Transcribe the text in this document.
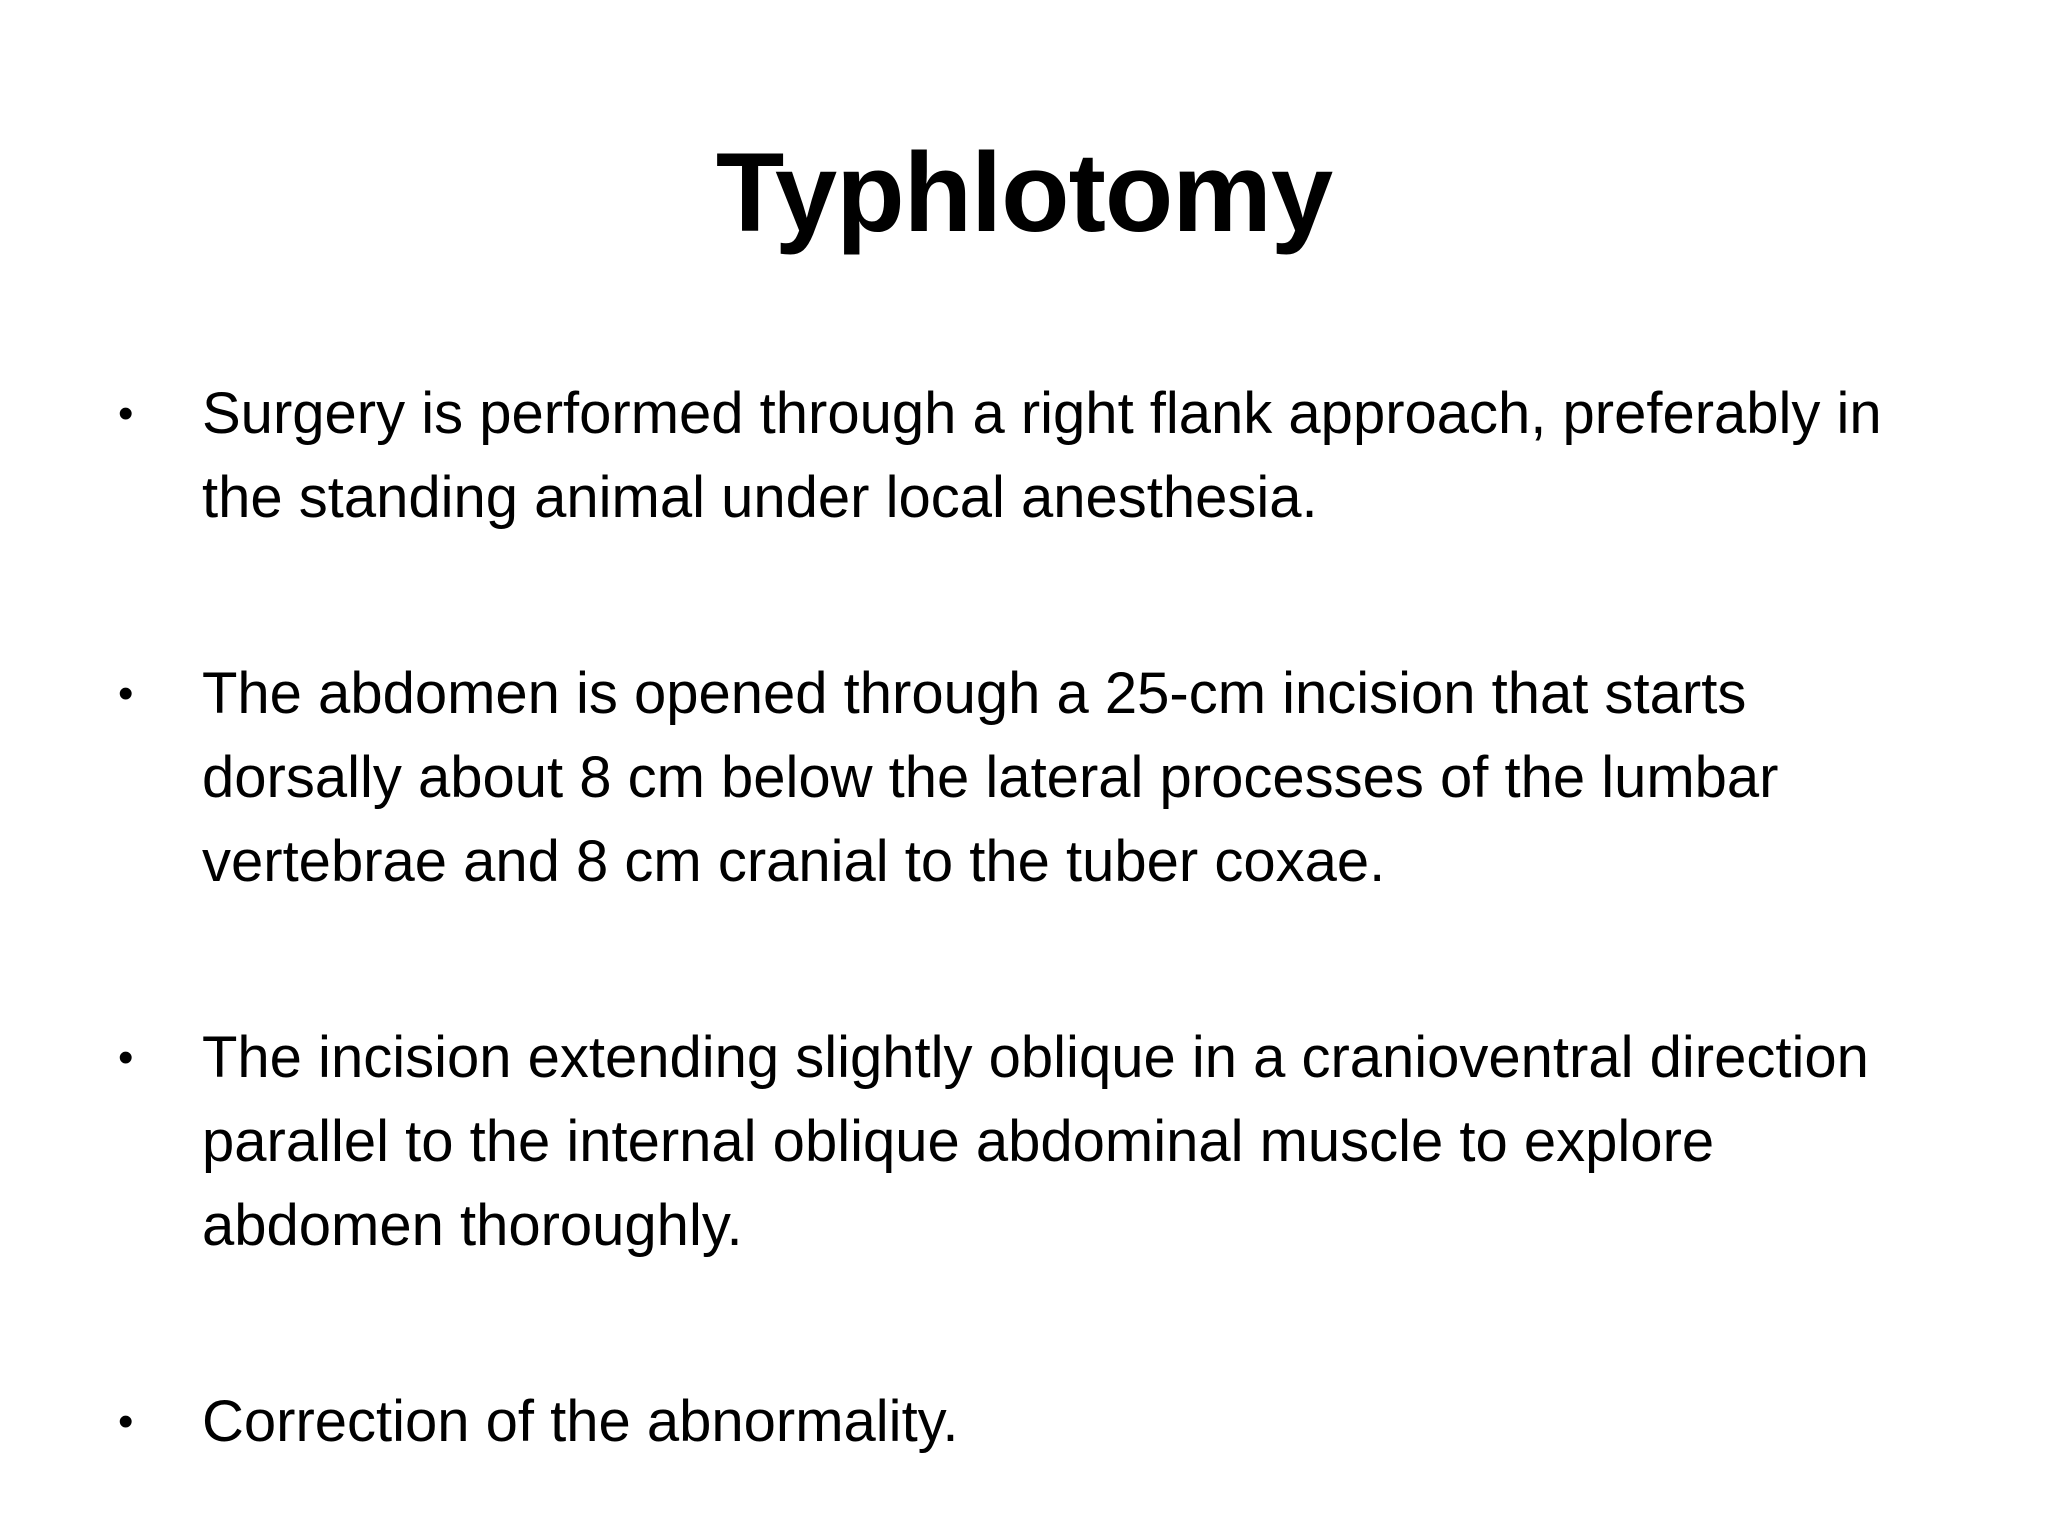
Typhlotomy
•	Surgery is performed through a right flank approach, preferably in the standing animal under local anesthesia.
•	The abdomen is opened through a 25-cm incision that starts dorsally about 8 cm below the lateral processes of the lumbar vertebrae and 8 cm cranial to the tuber coxae.
•	The incision extending slightly oblique in a cranioventral direction parallel to the internal oblique abdominal muscle to explore abdomen thoroughly.
•	Correction of the abnormality.
